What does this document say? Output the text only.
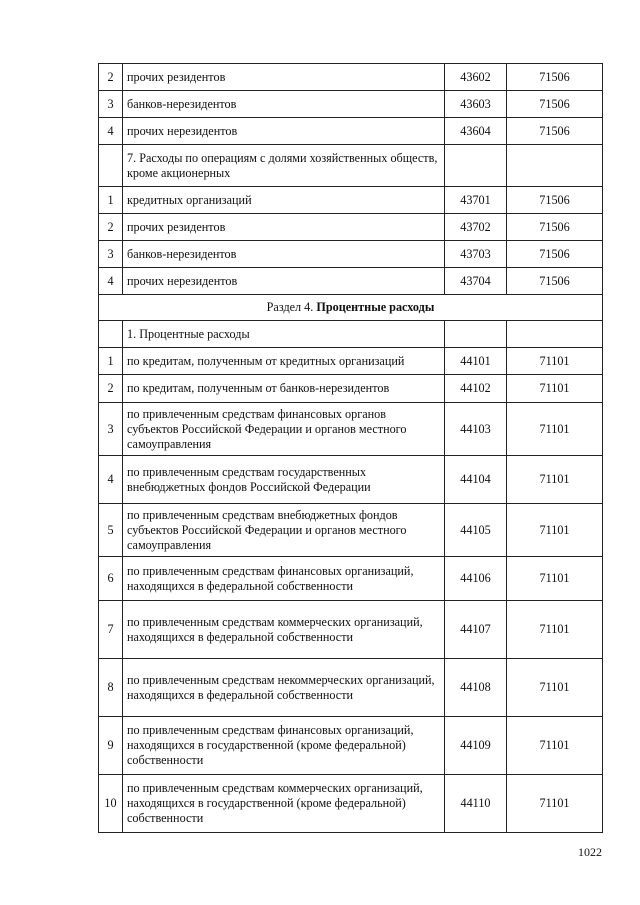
2	прочих резидентов	43602	71506
3	банков-нерезидентов	43603	71506
4	прочих нерезидентов	43604	71506
	7. Расходы по операциям с долями хозяйственных обществ, кроме акционерных		
1	кредитных организаций	43701	71506
2	прочих резидентов	43702	71506
3	банков-нерезидентов	43703	71506
4	прочих нерезидентов	43704	71506
Раздел 4. Процентные расходы			
	1. Процентные расходы		
1	по кредитам, полученным от кредитных организаций	44101	71101
2	по кредитам, полученным от банков-нерезидентов	44102	71101
3	по привлеченным средствам финансовых органов субъектов Российской Федерации и органов местного самоуправления	44103	71101
4	по привлеченным средствам государственных внебюджетных фондов Российской Федерации	44104	71101
5	по привлеченным средствам внебюджетных фондов субъектов Российской Федерации и органов местного самоуправления	44105	71101
6	по привлеченным средствам финансовых организаций, находящихся в федеральной собственности	44106	71101
7	по привлеченным средствам коммерческих организаций, находящихся в федеральной собственности	44107	71101
8	по привлеченным средствам некоммерческих организаций, находящихся в федеральной собственности	44108	71101
9	по привлеченным средствам финансовых организаций, находящихся в государственной (кроме федеральной) собственности	44109	71101
10	по привлеченным средствам коммерческих организаций, находящихся в государственной (кроме федеральной) собственности	44110	71101
1022
